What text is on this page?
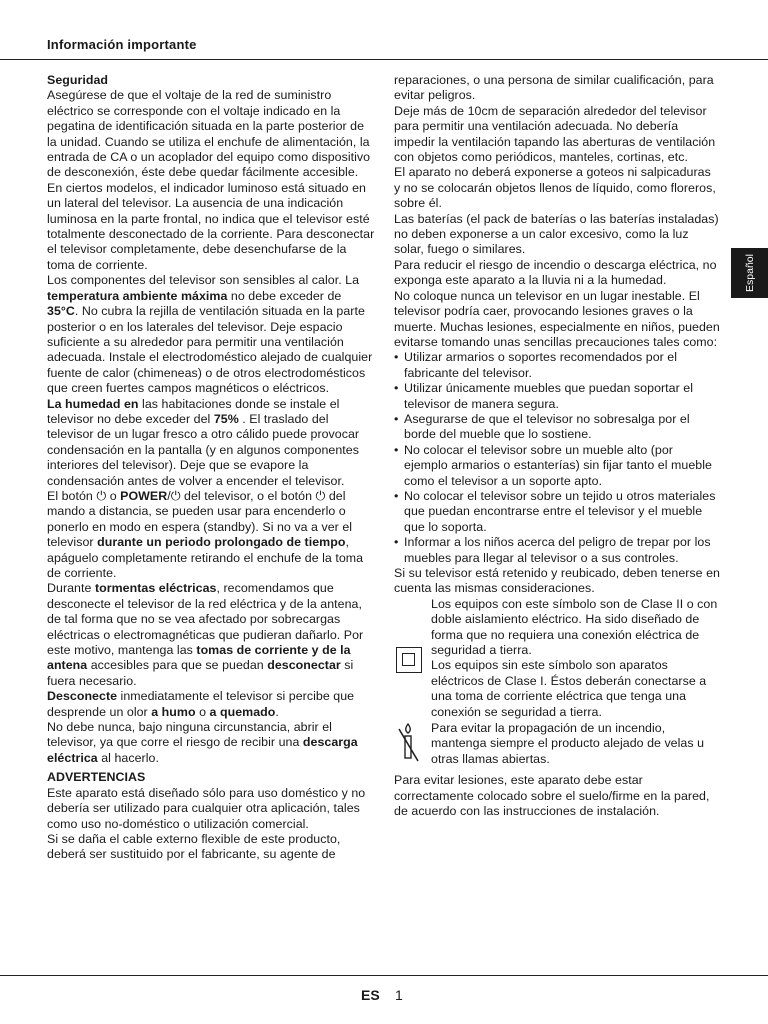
Información importante

Seguridad

Asegúrese de que el voltaje de la red de suministro eléctrico se corresponde con el voltaje indicado en la pegatina de identificación situada en la parte posterior de la unidad. Cuando se utiliza el enchufe de alimentación, la entrada de CA o un acoplador del equipo como dispositivo de desconexión, éste debe quedar fácilmente accesible.

En ciertos modelos, el indicador luminoso está situado en un lateral del televisor. La ausencia de una indicación luminosa en la parte frontal, no indica que el televisor esté totalmente desconectado de la corriente. Para desconectar el televisor completamente, debe desenchufarse de la toma de corriente.

Los componentes del televisor son sensibles al calor. La temperatura ambiente máxima no debe exceder de 35°C. No cubra la rejilla de ventilación situada en la parte posterior o en los laterales del televisor. Deje espacio suficiente a su alrededor para permitir una ventilación adecuada. Instale el electrodoméstico alejado de cualquier fuente de calor (chimeneas) o de otros electrodomésticos que creen fuertes campos magnéticos o eléctricos.

La humedad en las habitaciones donde se instale el televisor no debe exceder del 75% . El traslado del televisor de un lugar fresco a otro cálido puede provocar condensación en la pantalla (y en algunos componentes interiores del televisor). Deje que se evapore la condensación antes de volver a encender el televisor.

El botón ⏻ o POWER/⏻ del televisor, o el botón ⏻ del mando a distancia, se pueden usar para encenderlo o ponerlo en modo en espera (standby). Si no va a ver el televisor durante un periodo prolongado de tiempo, apáguelo completamente retirando el enchufe de la toma de corriente.

Durante tormentas eléctricas, recomendamos que desconecte el televisor de la red eléctrica y de la antena, de tal forma que no se vea afectado por sobrecargas eléctricas o electromagnéticas que pudieran dañarlo. Por este motivo, mantenga las tomas de corriente y de la antena accesibles para que se puedan desconectar si fuera necesario.

Desconecte inmediatamente el televisor si percibe que desprende un olor a humo o a quemado.

No debe nunca, bajo ninguna circunstancia, abrir el televisor, ya que corre el riesgo de recibir una descarga eléctrica al hacerlo.

ADVERTENCIAS

Este aparato está diseñado sólo para uso doméstico y no debería ser utilizado para cualquier otra aplicación, tales como uso no-doméstico o utilización comercial.

Si se daña el cable externo flexible de este producto, deberá ser sustituido por el fabricante, su agente de

reparaciones, o una persona de similar cualificación, para evitar peligros.

Deje más de 10cm de separación alrededor del televisor para permitir una ventilación adecuada. No debería impedir la ventilación tapando las aberturas de ventilación con objetos como periódicos, manteles, cortinas, etc.

El aparato no deberá exponerse a goteos ni salpicaduras y no se colocarán objetos llenos de líquido, como floreros, sobre él.

Las baterías (el pack de baterías o las baterías instaladas) no deben exponerse a un calor excesivo, como la luz solar, fuego o similares.

Para reducir el riesgo de incendio o descarga eléctrica, no exponga este aparato a la lluvia ni a la humedad.

No coloque nunca un televisor en un lugar inestable. El televisor podría caer, provocando lesiones graves o la muerte. Muchas lesiones, especialmente en niños, pueden evitarse tomando unas sencillas precauciones tales como:

• Utilizar armarios o soportes recomendados por el fabricante del televisor.
• Utilizar únicamente muebles que puedan soportar el televisor de manera segura.
• Asegurarse de que el televisor no sobresalga por el borde del mueble que lo sostiene.
• No colocar el televisor sobre un mueble alto (por ejemplo armarios o estanterías) sin fijar tanto el mueble como el televisor a un soporte apto.
• No colocar el televisor sobre un tejido u otros materiales que puedan encontrarse entre el televisor y el mueble que lo soporta.
• Informar a los niños acerca del peligro de trepar por los muebles para llegar al televisor o a sus controles.

Si su televisor está retenido y reubicado, deben tenerse en cuenta las mismas consideraciones.

Los equipos con este símbolo son de Clase II o con doble aislamiento eléctrico. Ha sido diseñado de forma que no requiera una conexión eléctrica de seguridad a tierra.

Los equipos sin este símbolo son aparatos eléctricos de Clase I. Éstos deberán conectarse a una toma de corriente eléctrica que tenga una conexión se seguridad a tierra.

Para evitar la propagación de un incendio, mantenga siempre el producto alejado de velas u otras llamas abiertas.

Para evitar lesiones, este aparato debe estar correctamente colocado sobre el suelo/firme en la pared, de acuerdo con las instrucciones de instalación.

Español
ES 1
